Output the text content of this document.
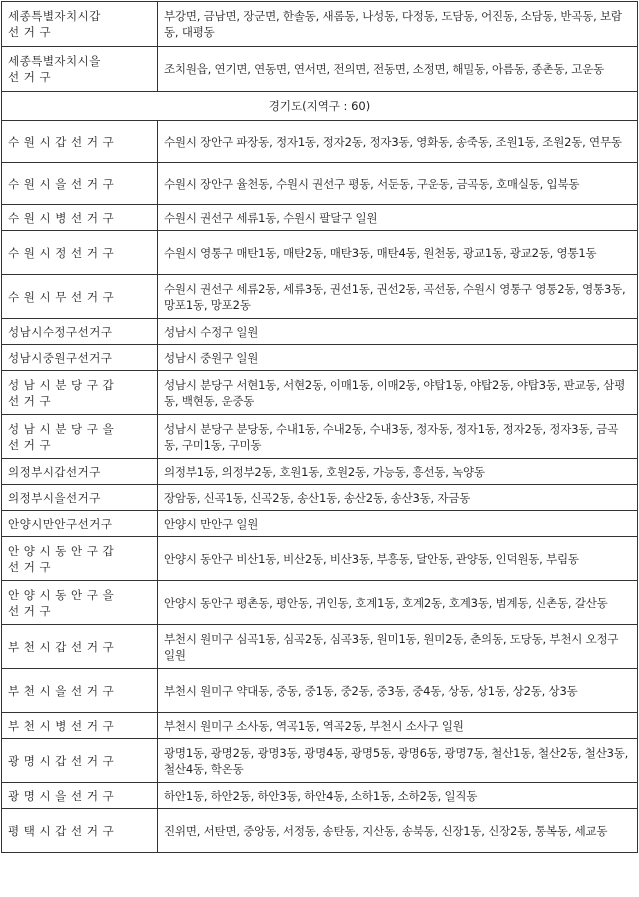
세종특별자치시갑
선 거 구	부강면, 금남면, 장군면, 한솔동, 새롬동, 나성동, 다정동, 도담동, 어진동, 소담동, 반곡동, 보람동, 대평동
세종특별자치시을
선 거 구	조치원읍, 연기면, 연동면, 연서면, 전의면, 전동면, 소정면, 해밀동, 아름동, 종촌동, 고운동
경기도(지역구 : 60)	
수 원 시 갑 선 거 구	수원시 장안구 파장동, 정자1동, 정자2동, 정자3동, 영화동, 송죽동, 조원1동, 조원2동, 연무동
수 원 시 을 선 거 구	수원시 장안구 율천동, 수원시 권선구 평동, 서둔동, 구운동, 금곡동, 호매실동, 입북동
수 원 시 병 선 거 구	수원시 권선구 세류1동, 수원시 팔달구 일원
수 원 시 정 선 거 구	수원시 영통구 매탄1동, 매탄2동, 매탄3동, 매탄4동, 원천동, 광교1동, 광교2동, 영통1동
수 원 시 무 선 거 구	수원시 권선구 세류2동, 세류3동, 권선1동, 권선2동, 곡선동, 수원시 영통구 영통2동, 영통3동, 망포1동, 망포2동
성남시수정구선거구	성남시 수정구 일원
성남시중원구선거구	성남시 중원구 일원
성 남 시 분 당 구 갑
선 거 구	성남시 분당구 서현1동, 서현2동, 이매1동, 이매2동, 야탑1동, 야탑2동, 야탑3동, 판교동, 삼평동, 백현동, 운중동
성 남 시 분 당 구 을
선 거 구	성남시 분당구 분당동, 수내1동, 수내2동, 수내3동, 정자동, 정자1동, 정자2동, 정자3동, 금곡동, 구미1동, 구미동
의정부시갑선거구	의정부1동, 의정부2동, 호원1동, 호원2동, 가능동, 흥선동, 녹양동
의정부시을선거구	장암동, 신곡1동, 신곡2동, 송산1동, 송산2동, 송산3동, 자금동
안양시만안구선거구	안양시 만안구 일원
안 양 시 동 안 구 갑
선 거 구	안양시 동안구 비산1동, 비산2동, 비산3동, 부흥동, 달안동, 관양동, 인덕원동, 부림동
안 양 시 동 안 구 을
선 거 구	안양시 동안구 평촌동, 평안동, 귀인동, 호계1동, 호계2동, 호계3동, 범계동, 신촌동, 갈산동
부 천 시 갑 선 거 구	부천시 원미구 심곡1동, 심곡2동, 심곡3동, 원미1동, 원미2동, 춘의동, 도당동, 부천시 오정구 일원
부 천 시 을 선 거 구	부천시 원미구 약대동, 중동, 중1동, 중2동, 중3동, 중4동, 상동, 상1동, 상2동, 상3동
부 천 시 병 선 거 구	부천시 원미구 소사동, 역곡1동, 역곡2동, 부천시 소사구 일원
광 명 시 갑 선 거 구	광명1동, 광명2동, 광명3동, 광명4동, 광명5동, 광명6동, 광명7동, 철산1동, 철산2동, 철산3동, 철산4동, 학온동
광 명 시 을 선 거 구	하안1동, 하안2동, 하안3동, 하안4동, 소하1동, 소하2동, 일직동
평 택 시 갑 선 거 구	진위면, 서탄면, 중앙동, 서정동, 송탄동, 지산동, 송북동, 신장1동, 신장2동, 통복동, 세교동
